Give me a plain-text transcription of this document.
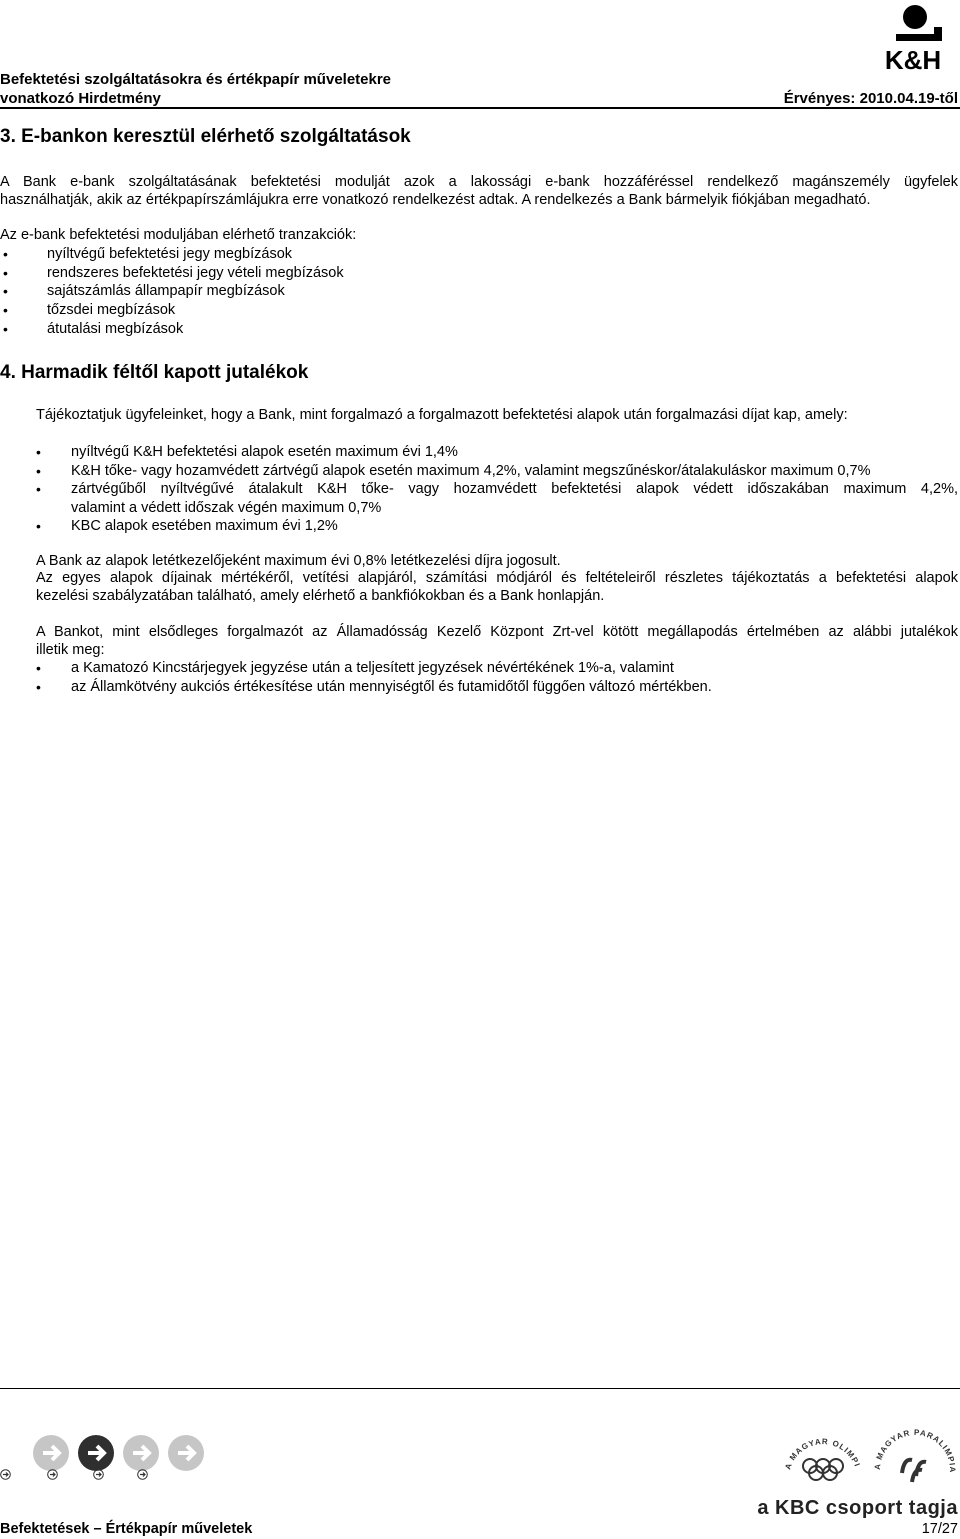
Befektetési szolgáltatásokra és értékpapír műveletekre
vonatkozó Hirdetmény	Érvényes: 2010.04.19-től
K&H
3. E-bankon keresztül elérhető szolgáltatások
A Bank e-bank szolgáltatásának befektetési modulját azok a lakossági e-bank hozzáféréssel rendelkező magánszemély ügyfelek
használhatják, akik az értékpapírszámlájukra erre vonatkozó rendelkezést adtak. A rendelkezés a Bank bármelyik fiókjában megadható.
Az e-bank befektetési moduljában elérhető tranzakciók:
• nyíltvégű befektetési jegy megbízások
• rendszeres befektetési jegy vételi megbízások
• sajátszámlás állampapír megbízások
• tőzsdei megbízások
• átutalási megbízások
4. Harmadik féltől kapott jutalékok
Tájékoztatjuk ügyfeleinket, hogy a Bank, mint forgalmazó a forgalmazott befektetési alapok után forgalmazási díjat kap, amely:
• nyíltvégű K&H befektetési alapok esetén maximum évi 1,4%
• K&H tőke- vagy hozamvédett zártvégű alapok esetén maximum 4,2%, valamint megszűnéskor/átalakuláskor maximum 0,7%
• zártvégűből nyíltvégűvé átalakult K&H tőke- vagy hozamvédett befektetési alapok védett időszakában maximum 4,2%,
valamint a védett időszak végén maximum 0,7%
• KBC alapok esetében maximum évi 1,2%
A Bank az alapok letétkezelőjeként maximum évi 0,8% letétkezelési díjra jogosult.
Az egyes alapok díjainak mértékéről, vetítési alapjáról, számítási módjáról és feltételeiről részletes tájékoztatás a befektetési alapok
kezelési szabályzatában található, amely elérhető a bankfiókokban és a Bank honlapján.
A Bankot, mint elsődleges forgalmazót az Államadósság Kezelő Központ Zrt-vel kötött megállapodás értelmében az alábbi jutalékok
illetik meg:
• a Kamatozó Kincstárjegyek jegyzése után a teljesített jegyzések névértékének 1%-a, valamint
• az Államkötvény aukciós értékesítése után mennyiségtől és futamidőtől függően változó mértékben.
A MAGYAR OLIMPI	A MAGYAR PARALIMPIA
a KBC csoport tagja
Befektetések – Értékpapír műveletek	17/27
